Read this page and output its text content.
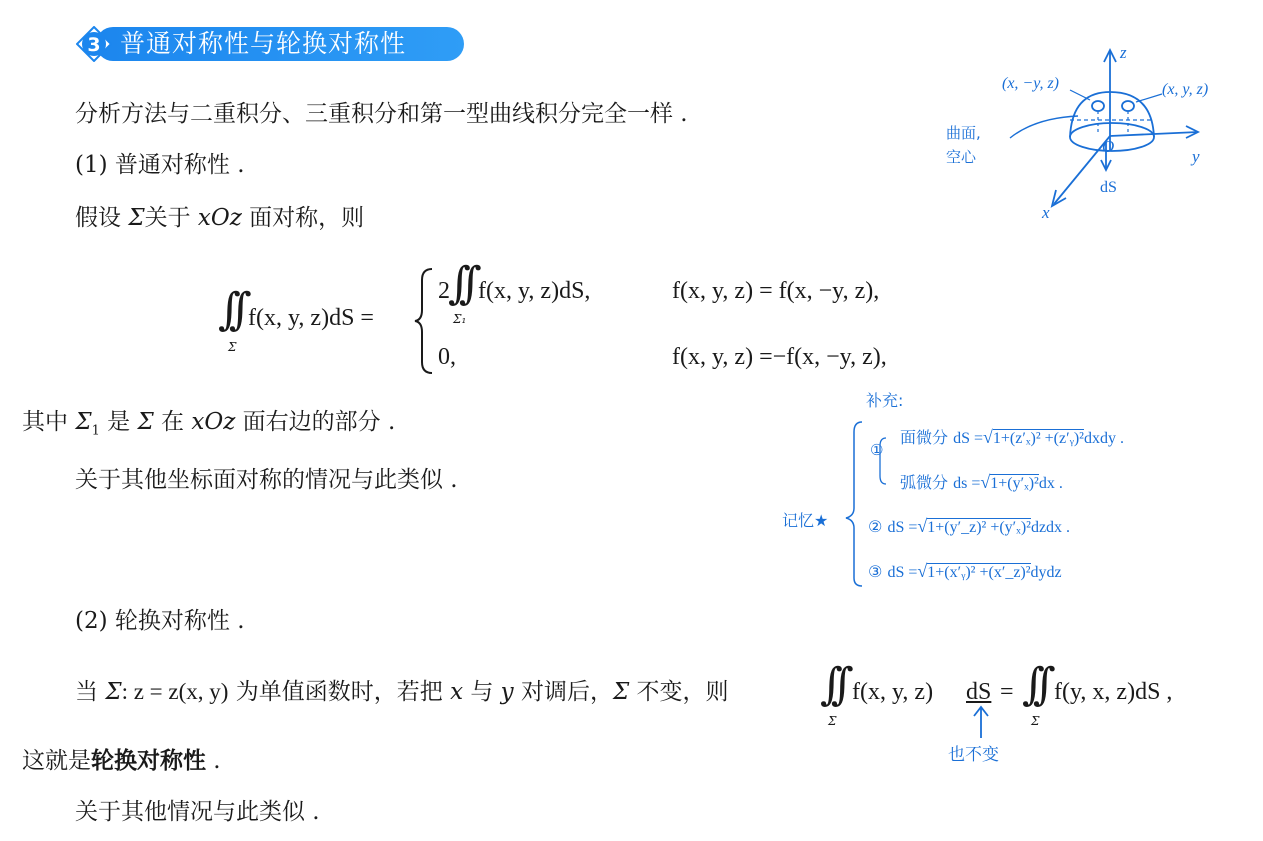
3 普通对称性与轮换对称性
分析方法与二重积分、三重积分和第一型曲线积分完全一样 .
(1) 普通对称性 .
假设 Σ关于 xOz 面对称，则
∫∫
Σ
f(x, y, z)dS =
2
∫∫
Σ₁
f(x, y, z)dS,	f(x, y, z) = f(x, −y, z),
0,	f(x, y, z) =−f(x, −y, z),
其中 $\Sigma_1$ 是 Σ 在 xOz 面右边的部分 .
关于其他坐标面对称的情况与此类似 .
(2) 轮换对称性 .
当 Σ: z = z(x, y) 为单值函数时，若把 x 与 y 对调后，Σ 不变，则 ∫∫
Σ
f(x, y, z) dS = ∫∫
Σ
f(y, x, z)dS ,
也不变
这就是轮换对称性 .
关于其他情况与此类似 .
补充:
记忆★
①
面微分 dS =√1+(z′ₓ)² +(z′ᵧ)²dxdy .
弧微分 ds =√1+(y′ₓ)²dx .
② dS =√1+(y′_z)² +(y′ₓ)²dzdx .
③ dS =√1+(x′ᵧ)² +(x′_z)²dydz
z
y
x
O
(x, −y, z)	(x, y, z)
dS
曲面,
空心
